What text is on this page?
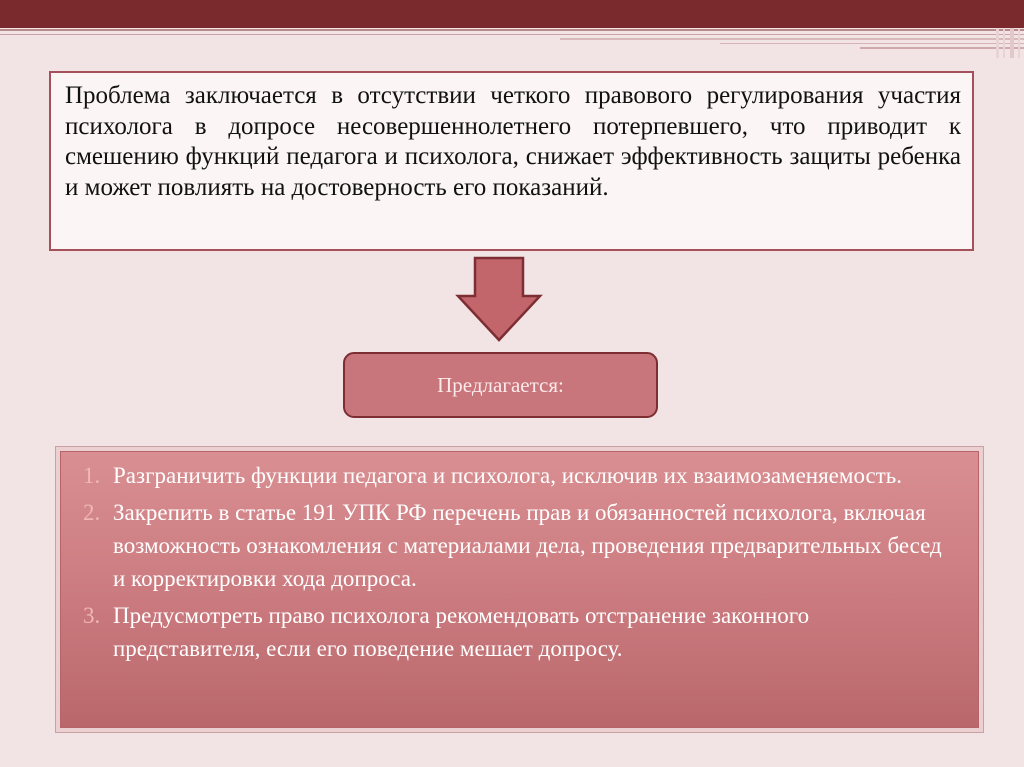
Проблема заключается в отсутствии четкого правового регулирования участия психолога в допросе несовершеннолетнего потерпевшего, что приводит к смешению функций педагога и психолога, снижает эффективность защиты ребенка и может повлиять на достоверность его показаний.

Предлагается:
1. Разграничить функции педагога и психолога, исключив их взаимозаменяемость.
2. Закрепить в статье 191 УПК РФ перечень прав и обязанностей психолога, включая возможность ознакомления с материалами дела, проведения предварительных бесед и корректировки хода допроса.
3. Предусмотреть право психолога рекомендовать отстранение законного представителя, если его поведение мешает допросу.
